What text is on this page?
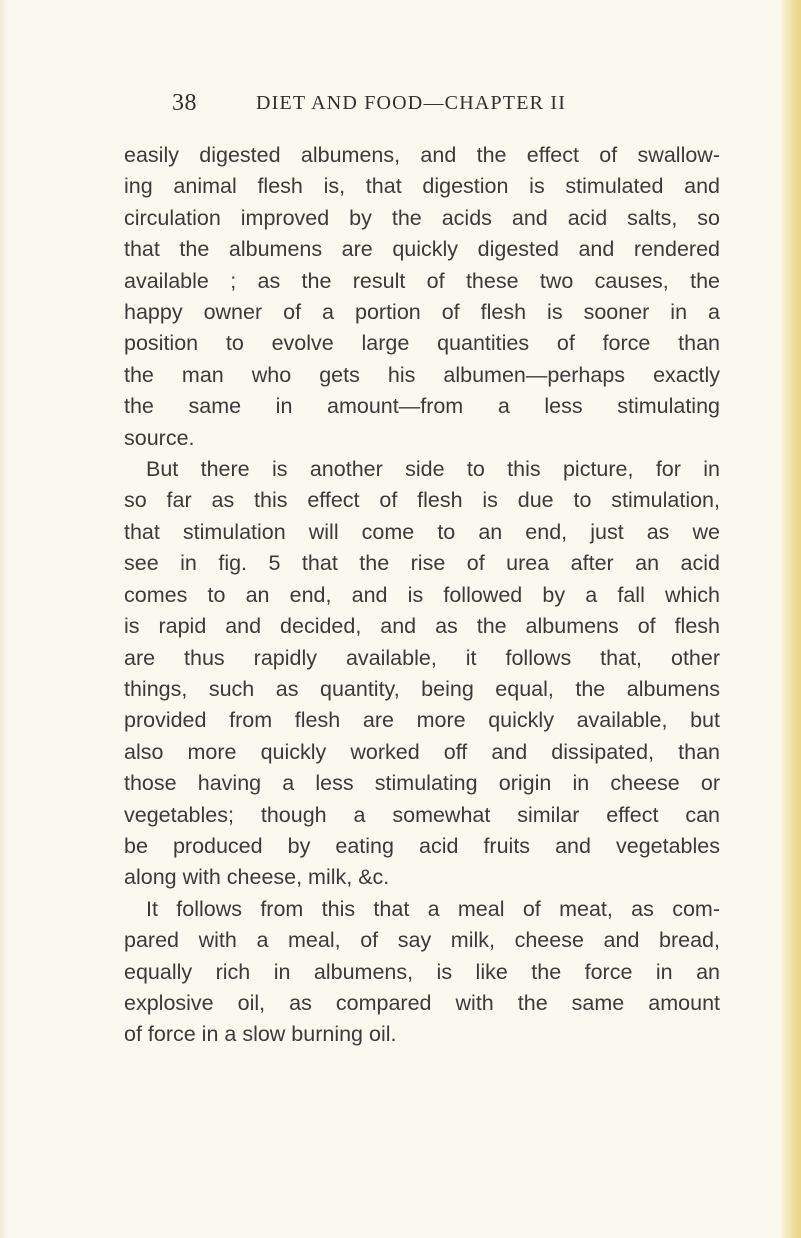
38	DIET AND FOOD—CHAPTER II
easily digested albumens, and the effect of swallow-
ing animal flesh is, that digestion is stimulated and
circulation improved by the acids and acid salts, so
that the albumens are quickly digested and rendered
available ; as the result of these two causes, the
happy owner of a portion of flesh is sooner in a
position to evolve large quantities of force than
the man who gets his albumen—perhaps exactly
the same in amount—from a less stimulating
source.
But there is another side to this picture, for in
so far as this effect of flesh is due to stimulation,
that stimulation will come to an end, just as we
see in fig. 5 that the rise of urea after an acid
comes to an end, and is followed by a fall which
is rapid and decided, and as the albumens of flesh
are thus rapidly available, it follows that, other
things, such as quantity, being equal, the albumens
provided from flesh are more quickly available, but
also more quickly worked off and dissipated, than
those having a less stimulating origin in cheese or
vegetables; though a somewhat similar effect can
be produced by eating acid fruits and vegetables
along with cheese, milk, &c.
It follows from this that a meal of meat, as com-
pared with a meal, of say milk, cheese and bread,
equally rich in albumens, is like the force in an
explosive oil, as compared with the same amount
of force in a slow burning oil.
